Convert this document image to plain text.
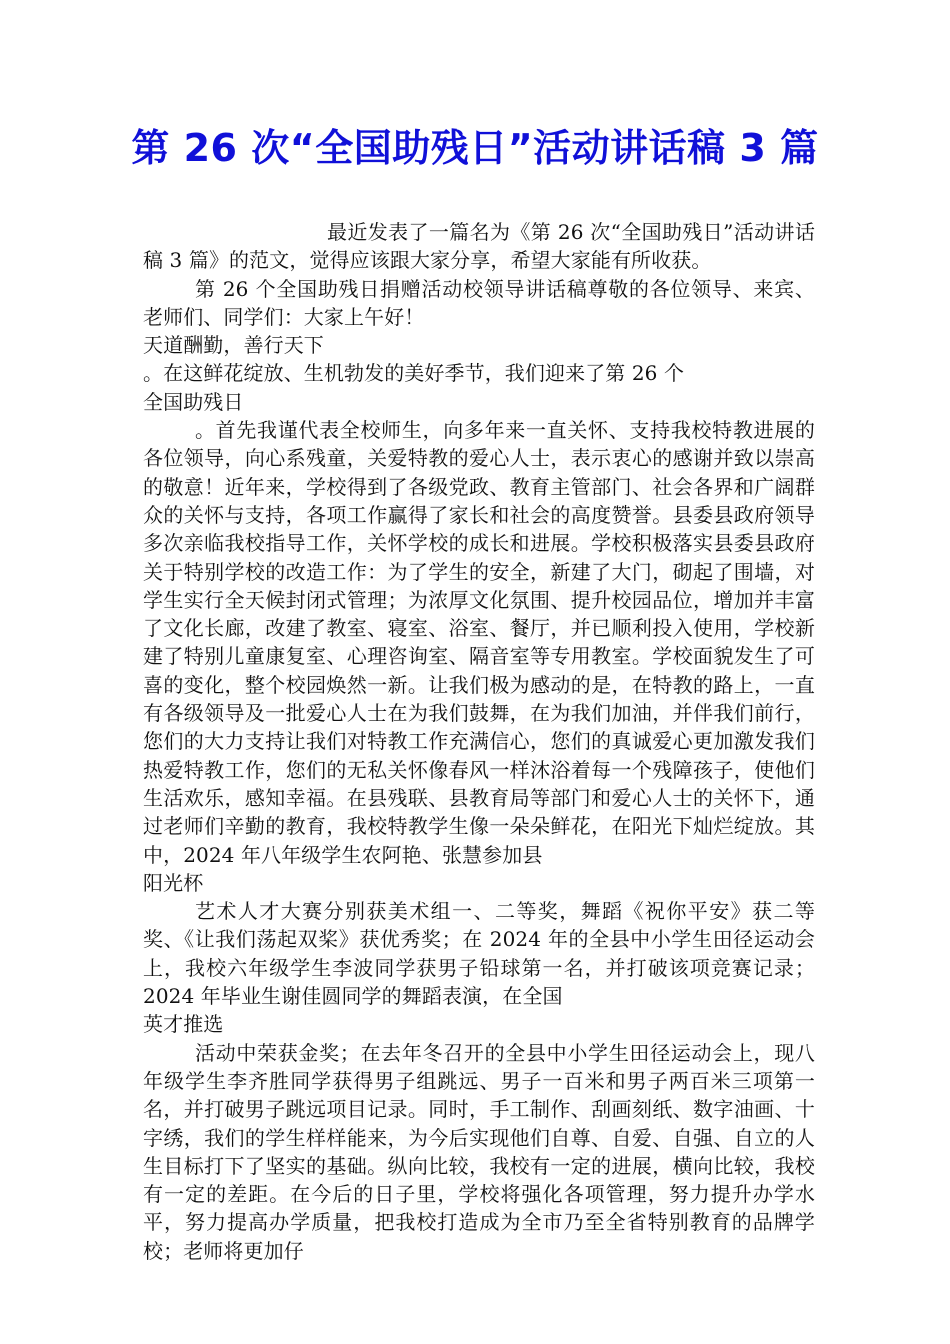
第 26 次“全国助残日”活动讲话稿 3 篇

最近发表了一篇名为《第 26 次“全国助残日”活动讲话稿 3 篇》的范文，觉得应该跟大家分享，希望大家能有所收获。

第 26 个全国助残日捐赠活动校领导讲话稿尊敬的各位领导、来宾、老师们、同学们：大家上午好！

天道酬勤，善行天下

。在这鲜花绽放、生机勃发的美好季节，我们迎来了第 26 个

全国助残日

。首先我谨代表全校师生，向多年来一直关怀、支持我校特教进展的各位领导，向心系残童，关爱特教的爱心人士，表示衷心的感谢并致以崇高的敬意！近年来，学校得到了各级党政、教育主管部门、社会各界和广阔群众的关怀与支持，各项工作赢得了家长和社会的高度赞誉。县委县政府领导多次亲临我校指导工作，关怀学校的成长和进展。学校积极落实县委县政府关于特别学校的改造工作：为了学生的安全，新建了大门，砌起了围墙，对学生实行全天候封闭式管理；为浓厚文化氛围、提升校园品位，增加并丰富了文化长廊，改建了教室、寝室、浴室、餐厅，并已顺利投入使用，学校新建了特别儿童康复室、心理咨询室、隔音室等专用教室。学校面貌发生了可喜的变化，整个校园焕然一新。让我们极为感动的是，在特教的路上，一直有各级领导及一批爱心人士在为我们鼓舞，在为我们加油，并伴我们前行，您们的大力支持让我们对特教工作充满信心，您们的真诚爱心更加激发我们热爱特教工作，您们的无私关怀像春风一样沐浴着每一个残障孩子，使他们生活欢乐，感知幸福。在县残联、县教育局等部门和爱心人士的关怀下，通过老师们辛勤的教育，我校特教学生像一朵朵鲜花，在阳光下灿烂绽放。其中，2024 年八年级学生农阿艳、张慧参加县

阳光杯

艺术人才大赛分别获美术组一、二等奖，舞蹈《祝你平安》获二等奖、《让我们荡起双桨》获优秀奖；在 2024 年的全县中小学生田径运动会上，我校六年级学生李波同学获男子铅球第一名，并打破该项竞赛记录；2024 年毕业生谢佳圆同学的舞蹈表演，在全国

英才推选

活动中荣获金奖；在去年冬召开的全县中小学生田径运动会上，现八年级学生李齐胜同学获得男子组跳远、男子一百米和男子两百米三项第一名，并打破男子跳远项目记录。同时，手工制作、刮画刻纸、数字油画、十字绣，我们的学生样样能来，为今后实现他们自尊、自爱、自强、自立的人生目标打下了坚实的基础。纵向比较，我校有一定的进展，横向比较，我校有一定的差距。在今后的日子里，学校将强化各项管理，努力提升办学水平，努力提高办学质量，把我校打造成为全市乃至全省特别教育的品牌学校；老师将更加仔
